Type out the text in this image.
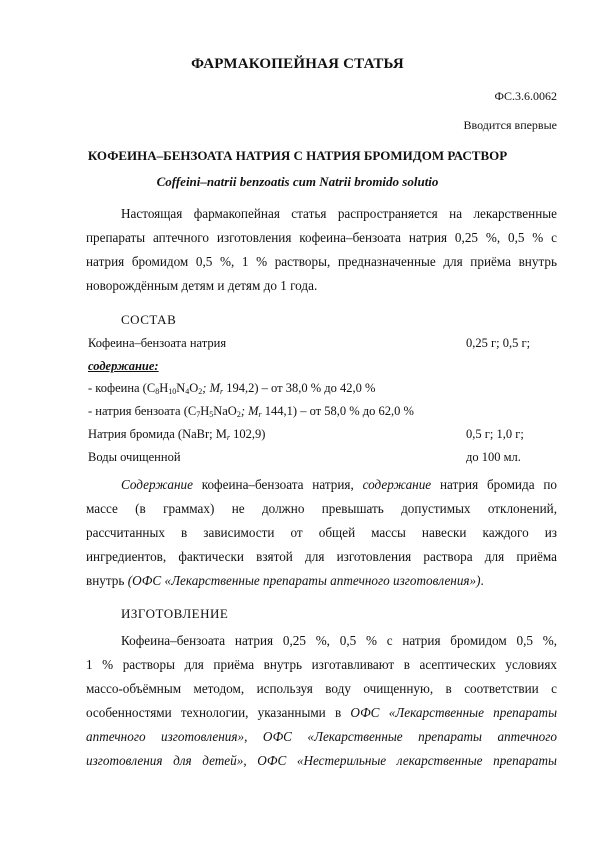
ФАРМАКОПЕЙНАЯ СТАТЬЯ
ФС.3.6.0062
Вводится впервые
КОФЕИНА–БЕНЗОАТА НАТРИЯ С НАТРИЯ БРОМИДОМ РАСТВОР
Coffeini–natrii benzoatis cum Natrii bromido solutio
Настоящая фармакопейная статья распространяется на лекарственные
препараты аптечного изготовления кофеина–бензоата натрия 0,25 %, 0,5 % с
натрия бромидом 0,5 %, 1 % растворы, предназначенные для приёма внутрь
новорождённым детям и детям до 1 года.
СОСТАВ
Кофеина–бензоата натрия	0,25 г; 0,5 г;
содержание:
- кофеина ($C_8H_{10}N_4O_2$; $M_r$ 194,2) – от 38,0 % до 42,0 %
- натрия бензоата ($C_7H_5NaO_2$; $M_r$ 144,1) – от 58,0 % до 62,0 %
Натрия бромида (NaBr; $M_r$ 102,9)	0,5 г; 1,0 г;
Воды очищенной	до 100 мл.
Содержание кофеина–бензоата натрия, содержание натрия бромида по
массе (в граммах) не должно превышать допустимых отклонений,
рассчитанных в зависимости от общей массы навески каждого из
ингредиентов, фактически взятой для изготовления раствора для приёма
внутрь (ОФС «Лекарственные препараты аптечного изготовления»).
ИЗГОТОВЛЕНИЕ
Кофеина–бензоата натрия 0,25 %, 0,5 % с натрия бромидом 0,5 %,
1 % растворы для приёма внутрь изготавливают в асептических условиях
массо-объёмным методом, используя воду очищенную, в соответствии с
особенностями технологии, указанными в ОФС «Лекарственные препараты
аптечного изготовления», ОФС «Лекарственные препараты аптечного
изготовления для детей», ОФС «Нестерильные лекарственные препараты
